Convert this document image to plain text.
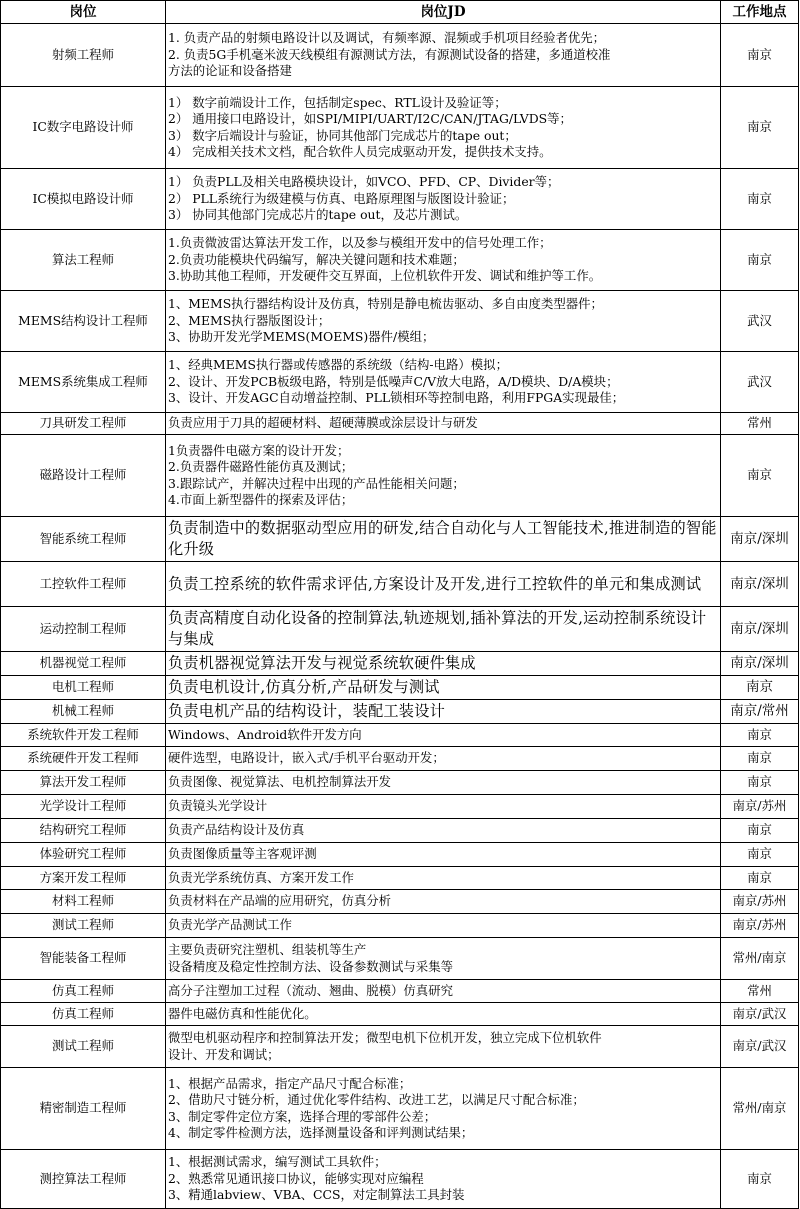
岗位	岗位JD	工作地点
射频工程师	1. 负责产品的射频电路设计以及调试，有频率源、混频或手机项目经验者优先；
2. 负责5G手机毫米波天线模组有源测试方法，有源测试设备的搭建，多通道校准
方法的论证和设备搭建	南京
IC数字电路设计师	1） 数字前端设计工作，包括制定spec、RTL设计及验证等；
2） 通用接口电路设计，如SPI/MIPI/UART/I2C/CAN/JTAG/LVDS等；
3） 数字后端设计与验证，协同其他部门完成芯片的tape out；
4） 完成相关技术文档，配合软件人员完成驱动开发，提供技术支持。	南京
IC模拟电路设计师	1） 负责PLL及相关电路模块设计，如VCO、PFD、CP、Divider等；
2） PLL系统行为级建模与仿真、电路原理图与版图设计验证；
3） 协同其他部门完成芯片的tape out，及芯片测试。	南京
算法工程师	1.负责微波雷达算法开发工作，以及参与模组开发中的信号处理工作；
2.负责功能模块代码编写，解决关键问题和技术难题；
3.协助其他工程师，开发硬件交互界面，上位机软件开发、调试和维护等工作。	南京
MEMS结构设计工程师	1、MEMS执行器结构设计及仿真，特别是静电梳齿驱动、多自由度类型器件；
2、MEMS执行器版图设计；
3、协助开发光学MEMS(MOEMS)器件/模组；	武汉
MEMS系统集成工程师	1、经典MEMS执行器或传感器的系统级（结构-电路）模拟；
2、设计、开发PCB板级电路，特别是低噪声C/V放大电路，A/D模块、D/A模块；
3、设计、开发AGC自动增益控制、PLL锁相环等控制电路，利用FPGA实现最佳；	武汉
刀具研发工程师	负责应用于刀具的超硬材料、超硬薄膜或涂层设计与研发	常州
磁路设计工程师	1负责器件电磁方案的设计开发；
2.负责器件磁路性能仿真及测试；
3.跟踪试产，并解决过程中出现的产品性能相关问题；
4.市面上新型器件的探索及评估；	南京
智能系统工程师	负责制造中的数据驱动型应用的研发,结合自动化与人工智能技术,推进制造的智能化升级	南京/深圳
工控软件工程师	负责工控系统的软件需求评估,方案设计及开发,进行工控软件的单元和集成测试	南京/深圳
运动控制工程师	负责高精度自动化设备的控制算法,轨迹规划,插补算法的开发,运动控制系统设计与集成	南京/深圳
机器视觉工程师	负责机器视觉算法开发与视觉系统软硬件集成	南京/深圳
电机工程师	负责电机设计,仿真分析,产品研发与测试	南京
机械工程师	负责电机产品的结构设计，装配工装设计	南京/常州
系统软件开发工程师	Windows、Android软件开发方向	南京
系统硬件开发工程师	硬件选型，电路设计，嵌入式/手机平台驱动开发；	南京
算法开发工程师	负责图像、视觉算法、电机控制算法开发	南京
光学设计工程师	负责镜头光学设计	南京/苏州
结构研究工程师	负责产品结构设计及仿真	南京
体验研究工程师	负责图像质量等主客观评测	南京
方案开发工程师	负责光学系统仿真、方案开发工作	南京
材料工程师	负责材料在产品端的应用研究，仿真分析	南京/苏州
测试工程师	负责光学产品测试工作	南京/苏州
智能装备工程师	主要负责研究注塑机、组装机等生产
设备精度及稳定性控制方法、设备参数测试与采集等	常州/南京
仿真工程师	高分子注塑加工过程（流动、翘曲、脱模）仿真研究	常州
仿真工程师	器件电磁仿真和性能优化。	南京/武汉
测试工程师	微型电机驱动程序和控制算法开发；微型电机下位机开发，独立完成下位机软件
设计、开发和调试；	南京/武汉
精密制造工程师	1、根据产品需求，指定产品尺寸配合标准；
2、借助尺寸链分析，通过优化零件结构、改进工艺，以满足尺寸配合标准；
3、制定零件定位方案，选择合理的零部件公差；
4、制定零件检测方法，选择测量设备和评判测试结果；	常州/南京
测控算法工程师	1、根据测试需求，编写测试工具软件；
2、熟悉常见通讯接口协议，能够实现对应编程
3、精通labview、VBA、CCS，对定制算法工具封装	南京
